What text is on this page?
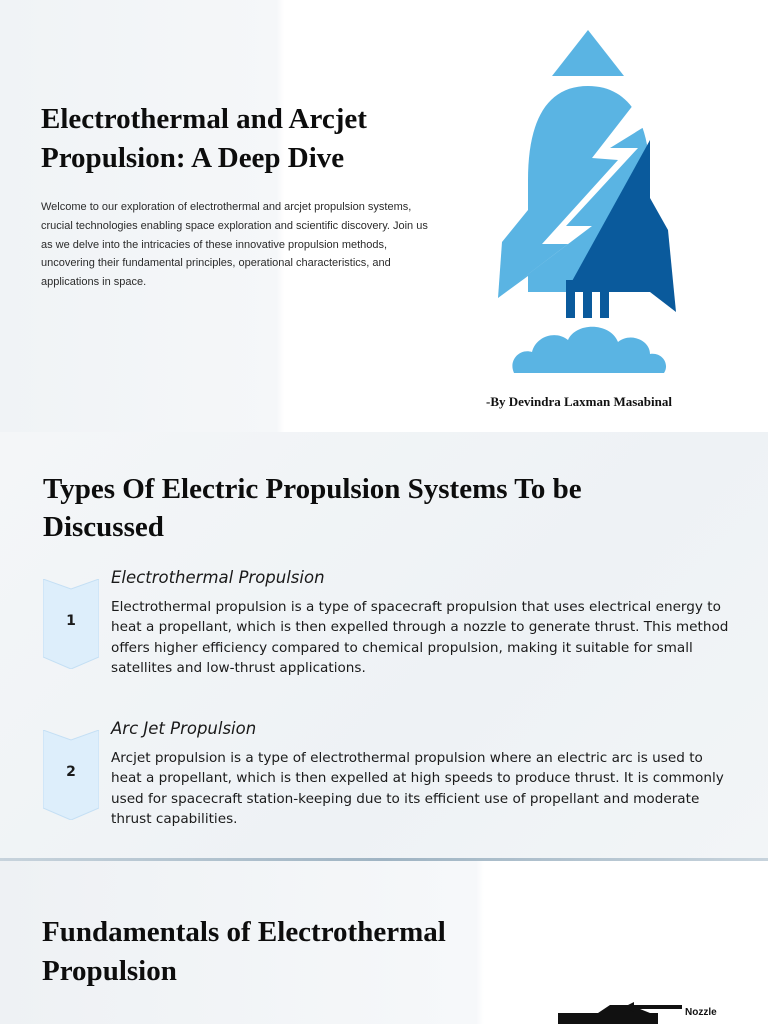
Electrothermal and Arcjet Propulsion: A Deep Dive

Welcome to our exploration of electrothermal and arcjet propulsion systems, crucial technologies enabling space exploration and scientific discovery. Join us as we delve into the intricacies of these innovative propulsion methods, uncovering their fundamental principles, operational characteristics, and applications in space.

-By Devindra Laxman Masabinal

Types Of Electric Propulsion Systems To be Discussed
1

Electrothermal Propulsion

Electrothermal propulsion is a type of spacecraft propulsion that uses electrical energy to heat a propellant, which is then expelled through a nozzle to generate thrust. This method offers higher efficiency compared to chemical propulsion, making it suitable for small satellites and low-thrust applications.

2

Arc Jet Propulsion

Arcjet propulsion is a type of electrothermal propulsion where an electric arc is used to heat a propellant, which is then expelled at high speeds to produce thrust. It is commonly used for spacecraft station-keeping due to its efficient use of propellant and moderate thrust capabilities.

Fundamentals of Electrothermal Propulsion

Nozzle
